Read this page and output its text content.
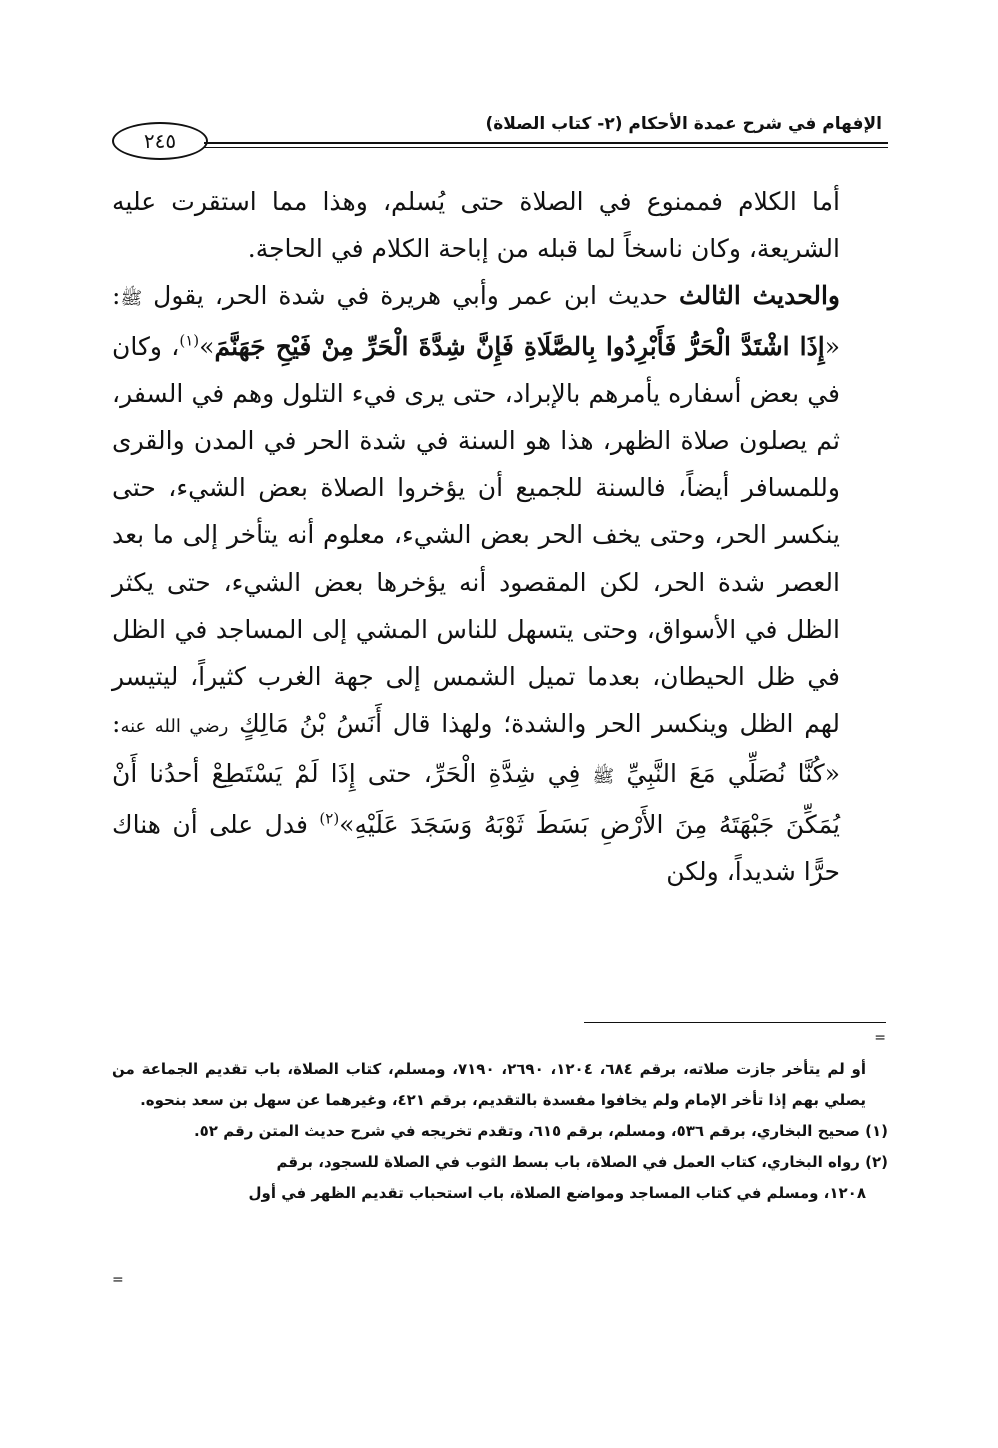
٢٤٥
الإفهام في شرح عمدة الأحكام (٢- كتاب الصلاة)

أما الكلام فممنوع في الصلاة حتى يُسلم، وهذا مما استقرت عليه الشريعة، وكان ناسخاً لما قبله من إباحة الكلام في الحاجة.

والحديث الثالث حديث ابن عمر وأبي هريرة في شدة الحر، يقول ﷺ: «إِذَا اشْتَدَّ الْحَرُّ فَأَبْرِدُوا بِالصَّلَاةِ فَإِنَّ شِدَّةَ الْحَرِّ مِنْ فَيْحِ جَهَنَّمَ»$^{(١)}$، وكان في بعض أسفاره يأمرهم بالإبراد، حتى يرى فيء التلول وهم في السفر، ثم يصلون صلاة الظهر، هذا هو السنة في شدة الحر في المدن والقرى وللمسافر أيضاً، فالسنة للجميع أن يؤخروا الصلاة بعض الشيء، حتى ينكسر الحر، وحتى يخف الحر بعض الشيء، معلوم أنه يتأخر إلى ما بعد العصر شدة الحر، لكن المقصود أنه يؤخرها بعض الشيء، حتى يكثر الظل في الأسواق، وحتى يتسهل للناس المشي إلى المساجد في الظل في ظل الحيطان، بعدما تميل الشمس إلى جهة الغرب كثيراً، ليتيسر لهم الظل وينكسر الحر والشدة؛ ولهذا قال أَنَسُ بْنُ مَالِكٍ رضي الله عنه: «كُنَّا نُصَلِّي مَعَ النَّبِيِّ ﷺ فِي شِدَّةِ الْحَرِّ، حتى إِذَا لَمْ يَسْتَطِعْ أحدُنا أَنْ يُمَكِّنَ جَبْهَتَهُ مِنَ الأَرْضِ بَسَطَ ثَوْبَهُ وَسَجَدَ عَلَيْهِ»$^{(٢)}$ فدل على أن هناك حرًّا شديداً، ولكن

=

أو لم يتأخر جازت صلاته، برقم ٦٨٤، ١٢٠٤، ٢٦٩٠، ٧١٩٠، ومسلم، كتاب الصلاة، باب تقديم الجماعة من يصلي بهم إذا تأخر الإمام ولم يخافوا مفسدة بالتقديم، برقم ٤٢١، وغيرهما عن سهل بن سعد بنحوه.

(١) صحيح البخاري، برقم ٥٣٦، ومسلم، برقم ٦١٥، وتقدم تخريجه في شرح حديث المتن رقم ٥٢.

(٢) رواه البخاري، كتاب العمل في الصلاة، باب بسط الثوب في الصلاة للسجود، برقم

١٢٠٨، ومسلم في كتاب المساجد ومواضع الصلاة، باب استحباب تقديم الظهر في أول

=
